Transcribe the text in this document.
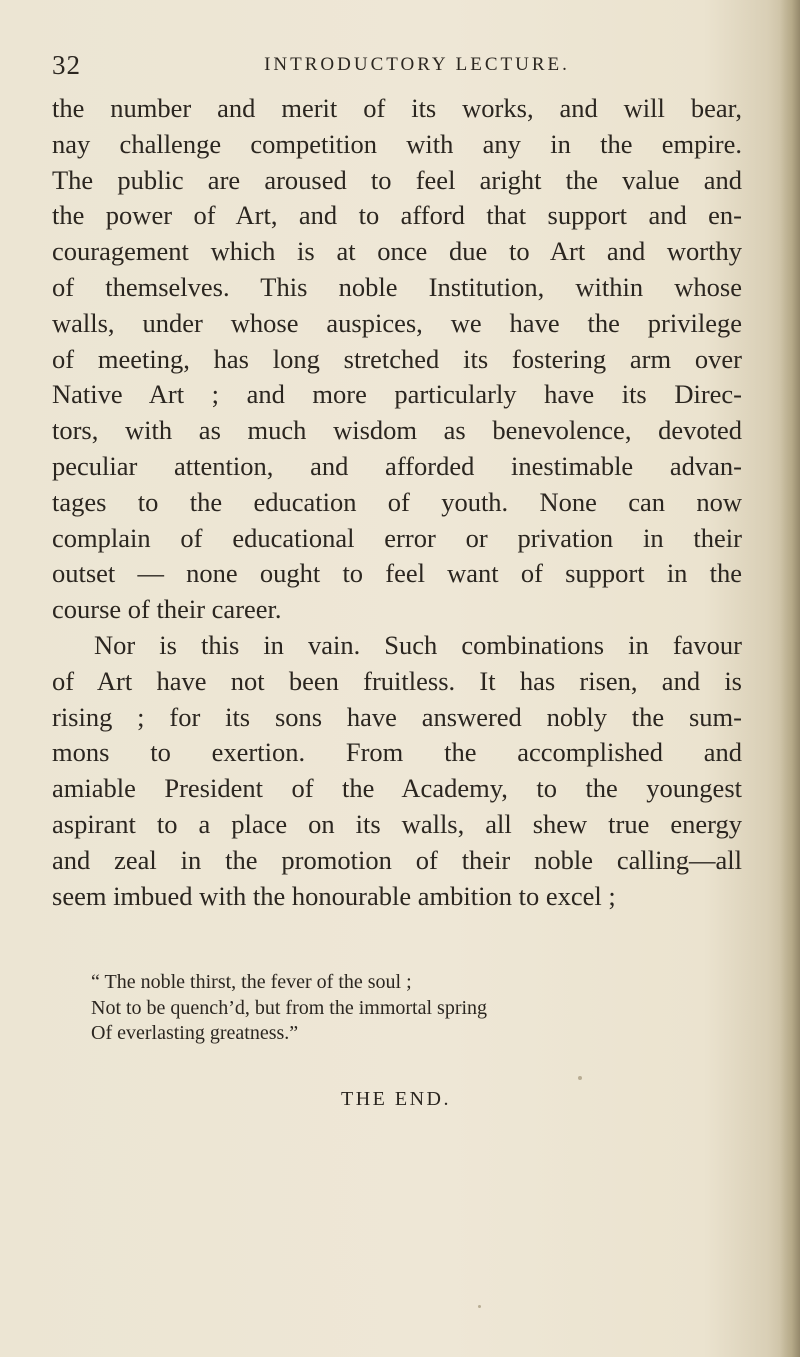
32	INTRODUCTORY LECTURE.
the number and merit of its works, and will bear,
nay challenge competition with any in the empire.
The public are aroused to feel aright the value and
the power of Art, and to afford that support and en-
couragement which is at once due to Art and worthy
of themselves. This noble Institution, within whose
walls, under whose auspices, we have the privilege
of meeting, has long stretched its fostering arm over
Native Art ; and more particularly have its Direc-
tors, with as much wisdom as benevolence, devoted
peculiar attention, and afforded inestimable advan-
tages to the education of youth. None can now
complain of educational error or privation in their
outset — none ought to feel want of support in the
course of their career.
Nor is this in vain. Such combinations in favour
of Art have not been fruitless. It has risen, and is
rising ; for its sons have answered nobly the sum-
mons to exertion. From the accomplished and
amiable President of the Academy, to the youngest
aspirant to a place on its walls, all shew true energy
and zeal in the promotion of their noble calling—all
seem imbued with the honourable ambition to excel ;
“ The noble thirst, the fever of the soul ;
Not to be quench’d, but from the immortal spring
Of everlasting greatness.”
THE END.
